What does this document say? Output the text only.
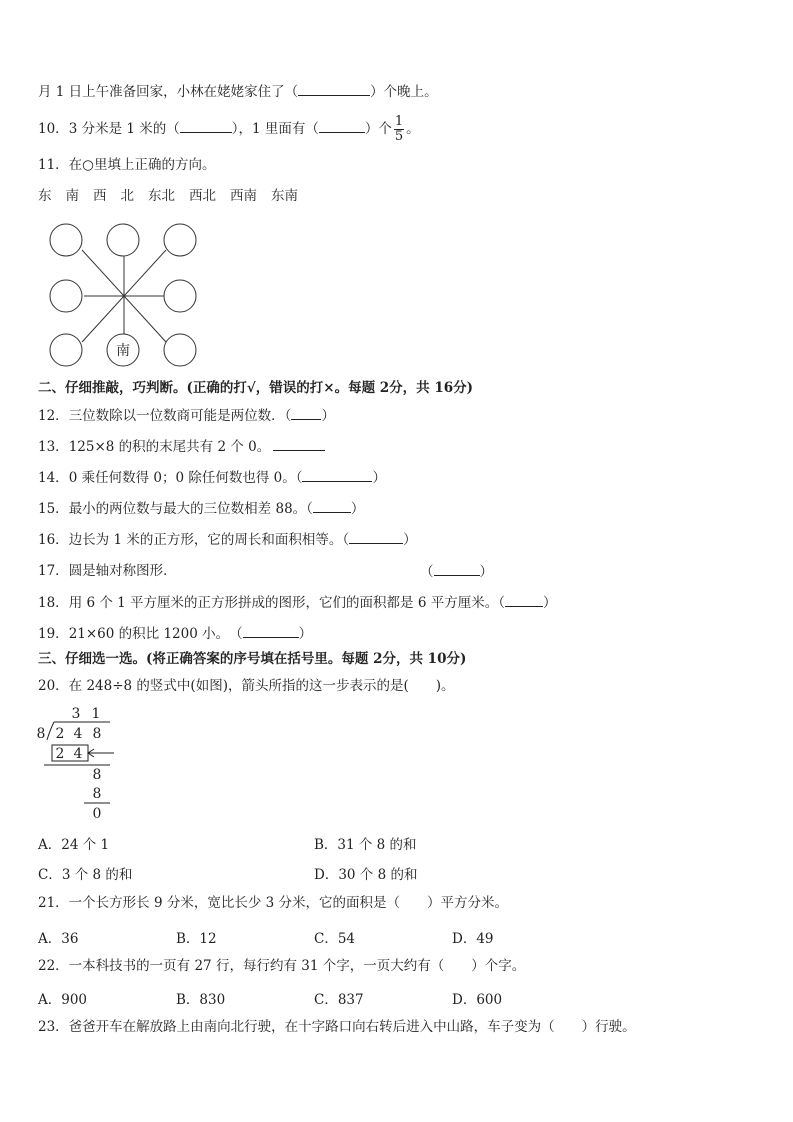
月 1 日上午准备回家，小林在姥姥家住了（	）个晚上。
10．3 分米是 1 米的（	），1 里面有（	）个 $\frac{1}{5}$ 。
11．在○里填上正确的方向。
东 南 西 北 东北 西北 西南 东南
南
二、仔细推敲，巧判断。(正确的打√，错误的打×。每题 2分，共 16分)
12．三位数除以一位数商可能是两位数．（ ）
13．125×8 的积的末尾共有 2 个 0。
14．0 乘任何数得 0；0 除任何数也得 0。（	）
15．最小的两位数与最大的三位数相差 88。（	）
16．边长为 1 米的正方形，它的周长和面积相等。（	）
17．圆是轴对称图形．	（	）
18．用 6 个 1 平方厘米的正方形拼成的图形，它们的面积都是 6 平方厘米。（	）
19．21×60 的积比 1200 小。　（	）
三、仔细选一选。(将正确答案的序号填在括号里。每题 2分，共 10分)
20．在 248÷8 的竖式中(如图)，箭头所指的这一步表示的是(　　)。
3 1
8 2 4 8
2 4
8
8
0
A．24 个 1	B．31 个 8 的和
C．3 个 8 的和	D．30 个 8 的和
21．一个长方形长 9 分米，宽比长少 3 分米，它的面积是（　　）平方分米。
A．36	B．12	C．54	D．49
22．一本科技书的一页有 27 行，每行约有 31 个字，一页大约有（　　）个字。
A．900	B．830	C．837	D．600
23．爸爸开车在解放路上由南向北行驶，在十字路口向右转后进入中山路，车子变为（　　）行驶。
